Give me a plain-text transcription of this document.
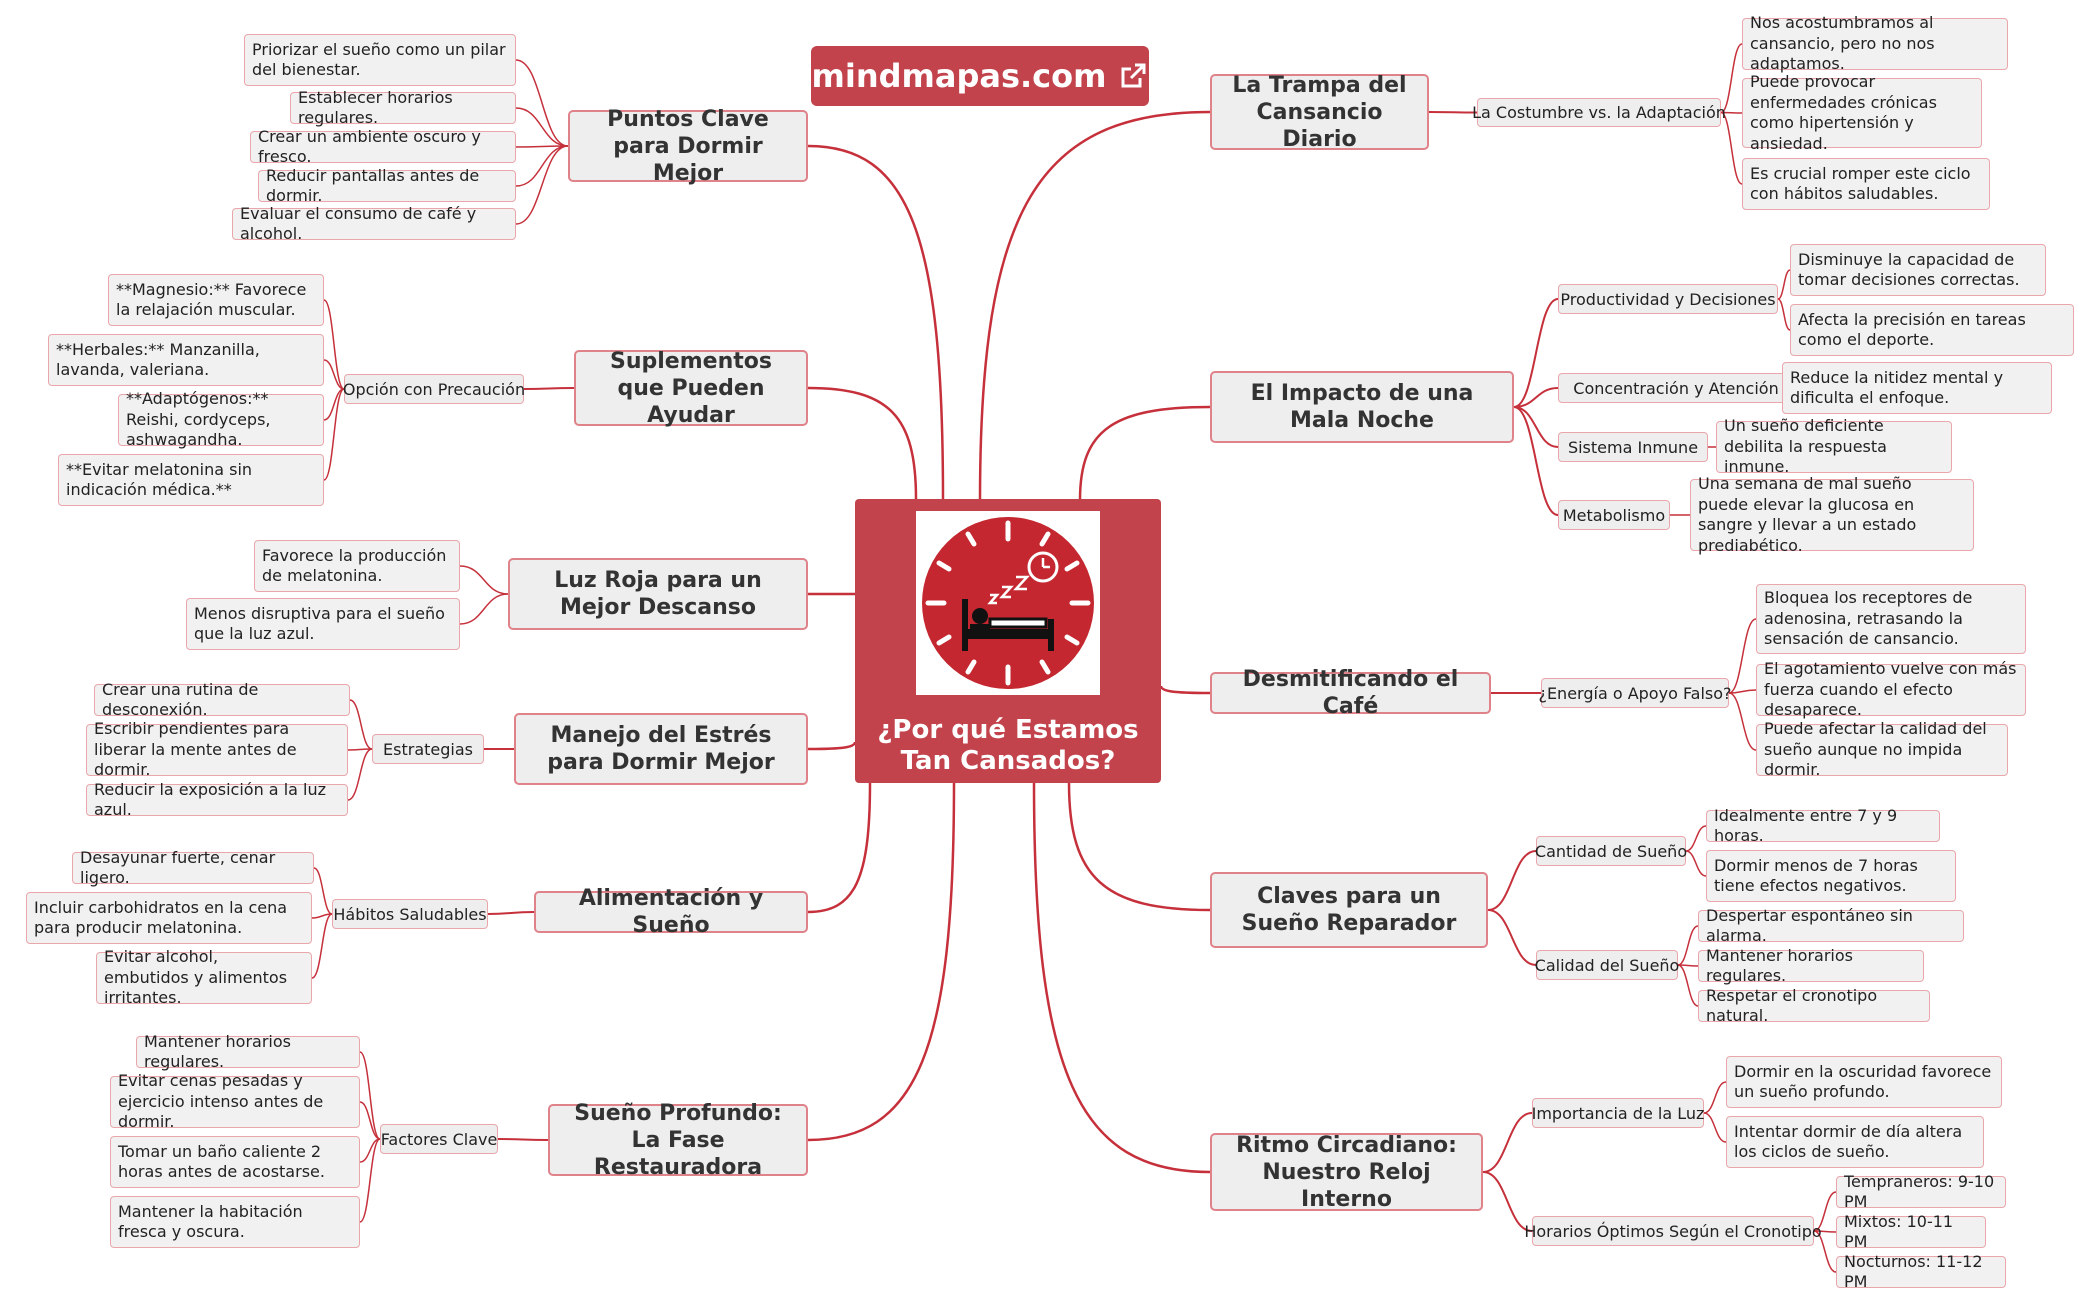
mindmapas.com
¿Por qué Estamos Tan Cansados?
La Trampa del Cansancio Diario
La Costumbre vs. la Adaptación
Nos acostumbramos al cansancio, pero no nos adaptamos.
Puede provocar enfermedades crónicas como hipertensión y ansiedad.
Es crucial romper este ciclo con hábitos saludables.
El Impacto de una Mala Noche
Productividad y Decisiones
Disminuye la capacidad de tomar decisiones correctas.
Afecta la precisión en tareas como el deporte.
Concentración y Atención
Reduce la nitidez mental y dificulta el enfoque.
Sistema Inmune
Un sueño deficiente debilita la respuesta inmune.
Metabolismo
Una semana de mal sueño puede elevar la glucosa en sangre y llevar a un estado prediabético.
Desmitificando el Café
¿Energía o Apoyo Falso?
Bloquea los receptores de adenosina, retrasando la sensación de cansancio.
El agotamiento vuelve con más fuerza cuando el efecto desaparece.
Puede afectar la calidad del sueño aunque no impida dormir.
Claves para un Sueño Reparador
Cantidad de Sueño
Idealmente entre 7 y 9 horas.
Dormir menos de 7 horas tiene efectos negativos.
Calidad del Sueño
Despertar espontáneo sin alarma.
Mantener horarios regulares.
Respetar el cronotipo natural.
Ritmo Circadiano: Nuestro Reloj Interno
Importancia de la Luz
Dormir en la oscuridad favorece un sueño profundo.
Intentar dormir de día altera los ciclos de sueño.
Horarios Óptimos Según el Cronotipo
Tempraneros: 9-10 PM
Mixtos: 10-11 PM
Nocturnos: 11-12 PM
Puntos Clave para Dormir Mejor
Priorizar el sueño como un pilar del bienestar.
Establecer horarios regulares.
Crear un ambiente oscuro y fresco.
Reducir pantallas antes de dormir.
Evaluar el consumo de café y alcohol.
Suplementos que Pueden Ayudar
Opción con Precaución
**Magnesio:** Favorece la relajación muscular.
**Herbales:** Manzanilla, lavanda, valeriana.
**Adaptógenos:** Reishi, cordyceps, ashwagandha.
**Evitar melatonina sin indicación médica.**
Luz Roja para un Mejor Descanso
Favorece la producción de melatonina.
Menos disruptiva para el sueño que la luz azul.
Manejo del Estrés para Dormir Mejor
Estrategias
Crear una rutina de desconexión.
Escribir pendientes para liberar la mente antes de dormir.
Reducir la exposición a la luz azul.
Alimentación y Sueño
Hábitos Saludables
Desayunar fuerte, cenar ligero.
Incluir carbohidratos en la cena para producir melatonina.
Evitar alcohol, embutidos y alimentos irritantes.
Sueño Profundo: La Fase Restauradora
Factores Clave
Mantener horarios regulares.
Evitar cenas pesadas y ejercicio intenso antes de dormir.
Tomar un baño caliente 2 horas antes de acostarse.
Mantener la habitación fresca y oscura.
